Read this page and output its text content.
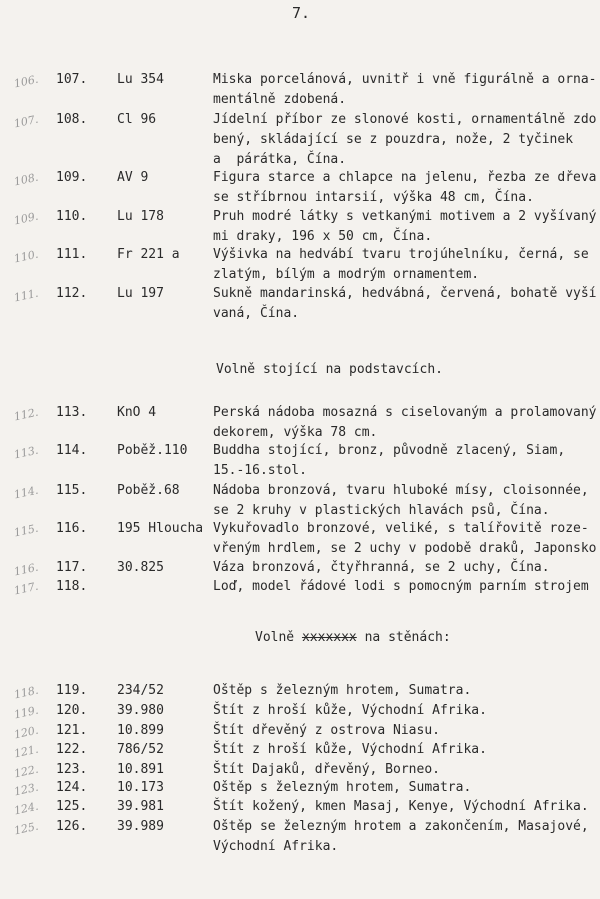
7.
106. 107. Lu 354	Miska porcelánová, uvnitř i vně figurálně a orna-
mentálně zdobená.
107. 108. Cl 96	Jídelní příbor ze slonové kosti, ornamentálně zdo
bený, skládající se z pouzdra, nože, 2 tyčinek
a  párátka, Čína.
108. 109. AV 9	Figura starce a chlapce na jelenu, řezba ze dřeva
se stříbrnou intarsií, výška 48 cm, Čína.
109. 110. Lu 178	Pruh modré látky s vetkanými motivem a 2 vyšívaný
mi draky, 196 x 50 cm, Čína.
110. 111. Fr 221 a	Výšivka na hedvábí tvaru trojúhelníku, černá, se
zlatým, bílým a modrým ornamentem.
111. 112. Lu 197	Sukně mandarinská, hedvábná, červená, bohatě vyší
vaná, Čína.
Volně stojící na podstavcích.
112. 113. KnO 4	Perská nádoba mosazná s ciselovaným a prolamovaný
dekorem, výška 78 cm.
113. 114. Poběž.110 Buddha stojící, bronz, původně zlacený, Siam,
15.-16.stol.
114. 115. Poběž.68	Nádoba bronzová, tvaru hluboké mísy, cloisonnée,
se 2 kruhy v plastických hlavách psů, Čína.
115. 116. 195 Hloucha Vykuřovadlo bronzové, veliké, s talířovitě roze-
vřeným hrdlem, se 2 uchy v podobě draků, Japonsko
116. 117. 30.825	Váza bronzová, čtyřhranná, se 2 uchy, Čína.
117. 118.	Loď, model řádové lodi s pomocným parním strojem
Volně xxxxxxx na stěnách:
118. 119. 234/52	Oštěp s železným hrotem, Sumatra.
119. 120. 39.980	Štít z hroší kůže, Východní Afrika.
120. 121. 10.899	Štít dřevěný z ostrova Niasu.
121. 122. 786/52	Štít z hroší kůže, Východní Afrika.
122. 123. 10.891	Štít Dajaků, dřevěný, Borneo.
123. 124. 10.173	Oštěp s železným hrotem, Sumatra.
124. 125. 39.981	Štít kožený, kmen Masaj, Kenye, Východní Afrika.
125. 126. 39.989	Oštěp se železným hrotem a zakončením, Masajové,
Východní Afrika.
